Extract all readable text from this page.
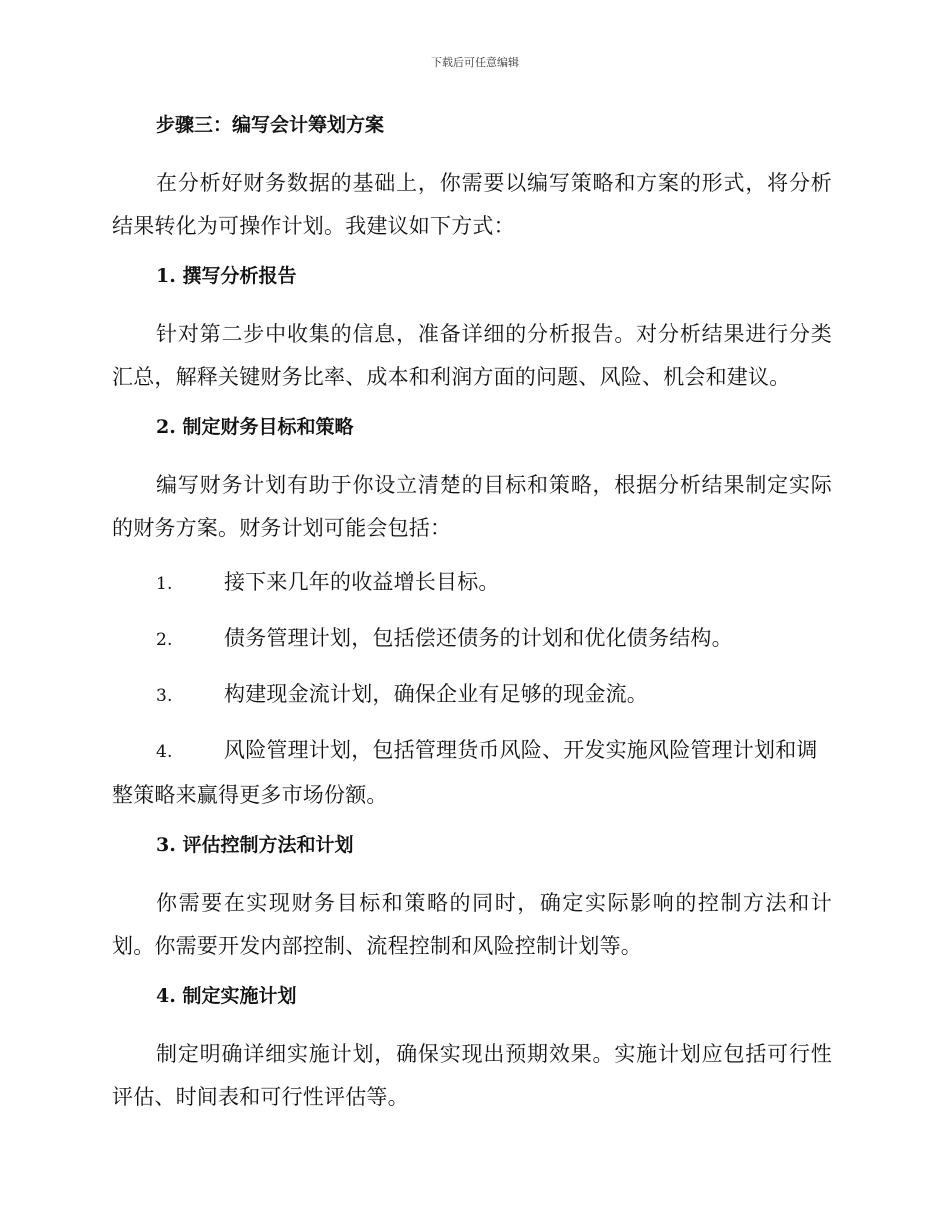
下载后可任意编辑
步骤三：编写会计筹划方案

在分析好财务数据的基础上，你需要以编写策略和方案的形式，将分析结果转化为可操作计划。我建议如下方式：

1. 撰写分析报告

针对第二步中收集的信息，准备详细的分析报告。对分析结果进行分类汇总，解释关键财务比率、成本和利润方面的问题、风险、机会和建议。

2. 制定财务目标和策略

编写财务计划有助于你设立清楚的目标和策略，根据分析结果制定实际的财务方案。财务计划可能会包括：

1. 接下来几年的收益增长目标。

2. 债务管理计划，包括偿还债务的计划和优化债务结构。

3. 构建现金流计划，确保企业有足够的现金流。

4. 风险管理计划，包括管理货币风险、开发实施风险管理计划和调整策略来赢得更多市场份额。

3. 评估控制方法和计划

你需要在实现财务目标和策略的同时，确定实际影响的控制方法和计划。你需要开发内部控制、流程控制和风险控制计划等。

4. 制定实施计划

制定明确详细实施计划，确保实现出预期效果。实施计划应包括可行性评估、时间表和可行性评估等。
